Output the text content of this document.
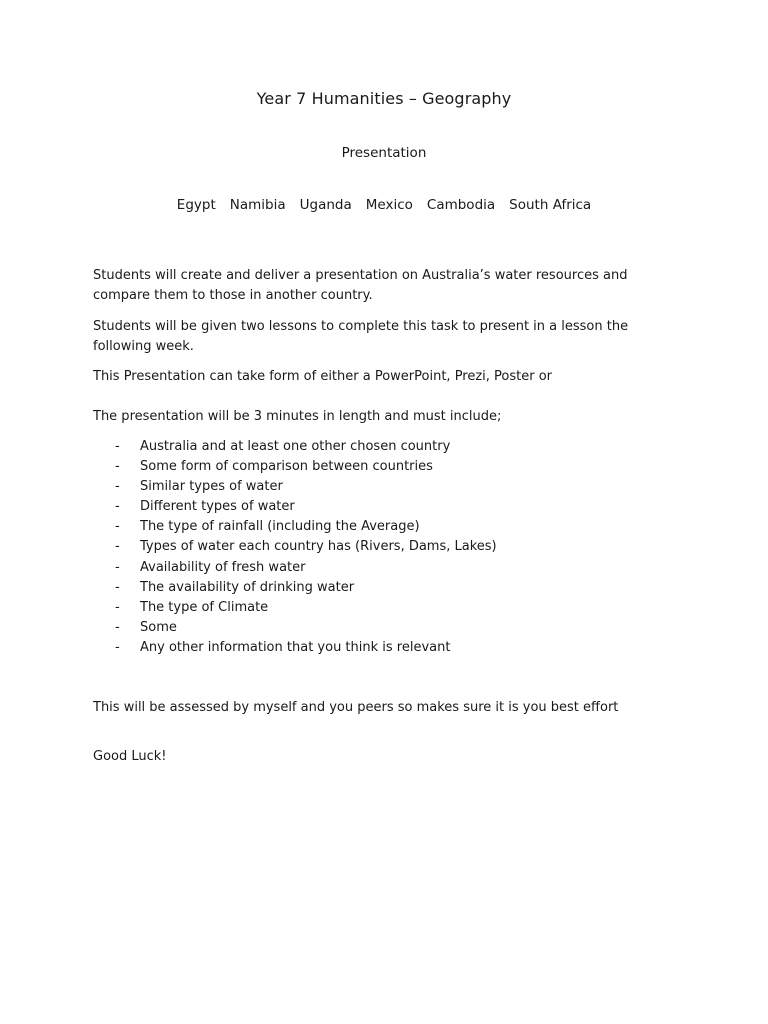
Year 7 Humanities – Geography
Presentation
Egypt Namibia Uganda Mexico Cambodia South Africa

Students will create and deliver a presentation on Australia’s water resources and compare them to those in another country.

Students will be given two lessons to complete this task to present in a lesson the following week.

This Presentation can take form of either a PowerPoint, Prezi, Poster or

The presentation will be 3 minutes in length and must include;

- Australia and at least one other chosen country
- Some form of comparison between countries
- Similar types of water
- Different types of water
- The type of rainfall (including the Average)
- Types of water each country has (Rivers, Dams, Lakes)
- Availability of fresh water
- The availability of drinking water
- The type of Climate
- Some
- Any other information that you think is relevant

This will be assessed by myself and you peers so makes sure it is you best effort

Good Luck!
